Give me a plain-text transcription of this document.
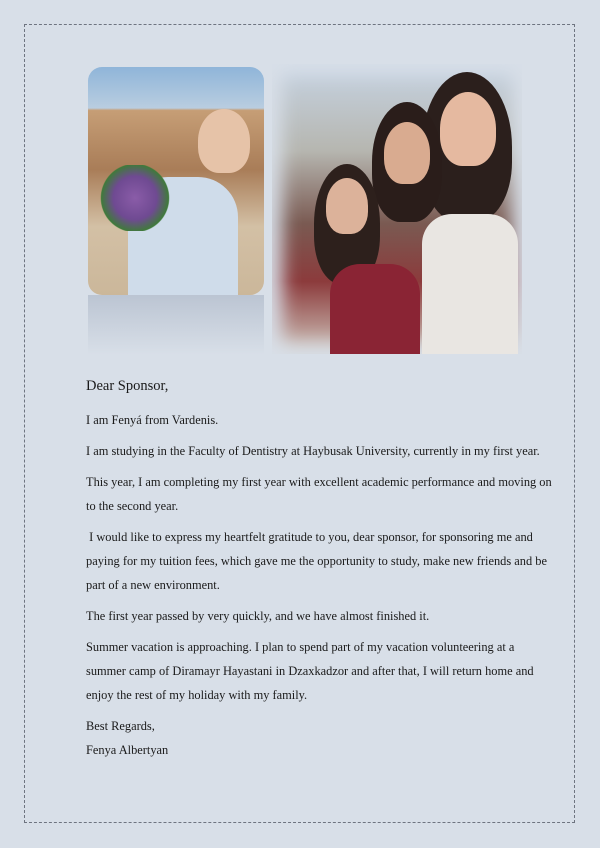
Dear Sponsor,

I am Fenyá from Vardenis.

I am studying in the Faculty of Dentistry at Haybusak University, currently in my first year.

This year, I am completing my first year with excellent academic performance and moving on to the second year.

I would like to express my heartfelt gratitude to you, dear sponsor, for sponsoring me and paying for my tuition fees, which gave me the opportunity to study, make new friends and be part of a new environment.

The first year passed by very quickly, and we have almost finished it.

Summer vacation is approaching. I plan to spend part of my vacation volunteering at a summer camp of Diramayr Hayastani in Dzaxkadzor and after that, I will return home and enjoy the rest of my holiday with my family.

Best Regards,

Fenya Albertyan
